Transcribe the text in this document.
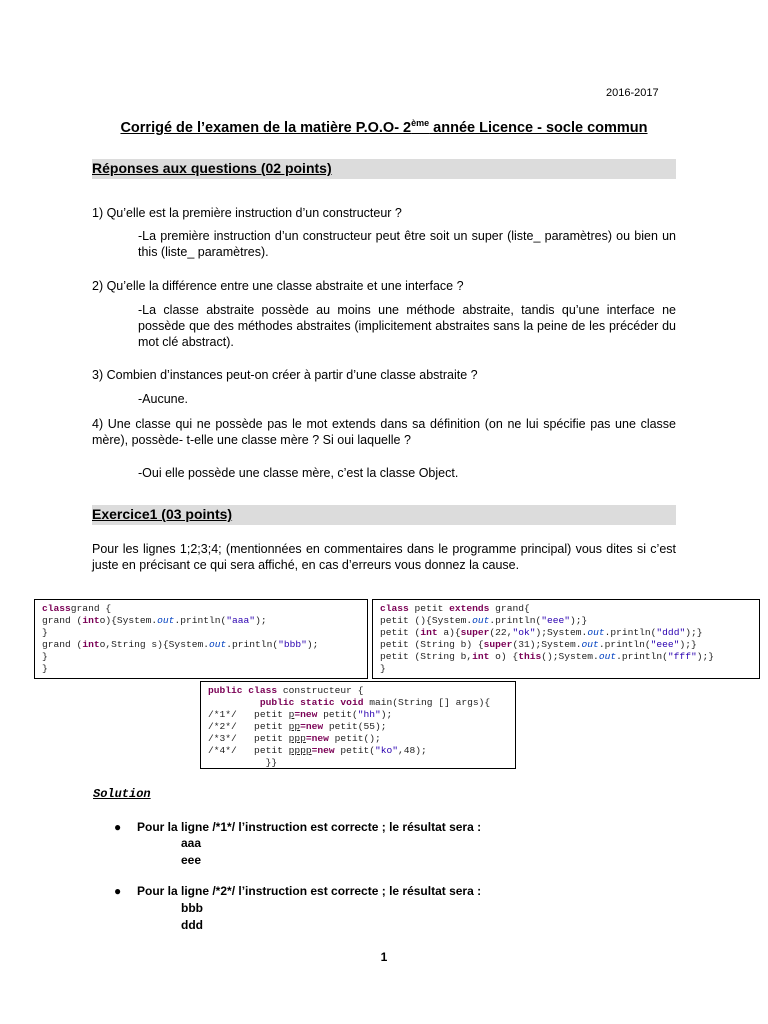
2016-2017
Corrigé de l’examen de la matière P.O.O- 2ème année Licence - socle commun
Réponses aux questions (02 points)
1) Qu’elle est la première instruction d’un constructeur ?
-La première instruction d’un constructeur peut être soit un super (liste_ paramètres) ou bien un this (liste_ paramètres).
2) Qu’elle la différence entre une classe abstraite et une interface ?
-La classe abstraite possède au moins une méthode abstraite, tandis qu’une interface ne possède que des méthodes abstraites (implicitement abstraites sans la peine de les précéder du mot clé abstract).
3) Combien d’instances peut-on créer à partir d’une classe abstraite ?
-Aucune.
4) Une classe qui ne possède pas le mot extends dans sa définition (on ne lui spécifie pas une classe mère), possède- t-elle une classe mère ? Si oui laquelle ?
-Oui elle possède une classe mère, c’est la classe Object.
Exercice1 (03 points)
Pour les lignes 1;2;3;4; (mentionnées en commentaires dans le programme principal) vous dites si c’est juste en précisant ce qui sera affiché, en cas d’erreurs vous donnez la cause.
classgrand {
grand (into){System.out.println("aaa");
}
grand (into,String s){System.out.println("bbb");
}
}
class petit extends grand{
petit (){System.out.println("eee");}
petit (int a){super(22,"ok");System.out.println("ddd");}
petit (String b) {super(31);System.out.println("eee");}
petit (String b,int o) {this();System.out.println("fff");}
}
public class constructeur {
public static void main(String [] args){
/*1*/   petit p=new petit("hh");
/*2*/   petit pp=new petit(55);
/*3*/   petit ppp=new petit();
/*4*/   petit pppp=new petit("ko",48);
}}
Solution
● Pour la ligne /*1*/ l’instruction est correcte ; le résultat sera :
aaa
eee
● Pour la ligne /*2*/ l’instruction est correcte ; le résultat sera :
bbb
ddd
1
